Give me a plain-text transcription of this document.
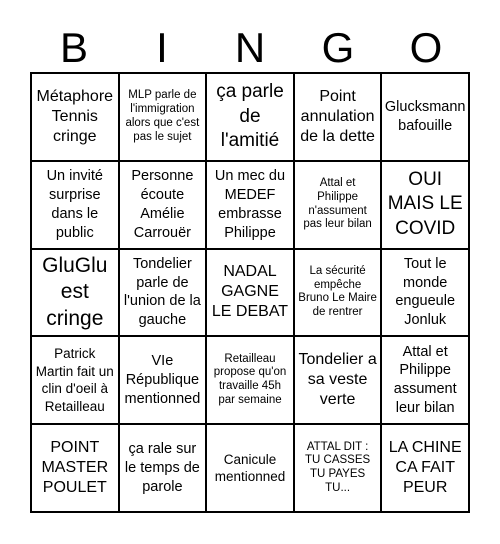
B	I	N	G	O
Métaphore Tennis cringe
MLP parle de l'immigration alors que c'est pas le sujet
ça parle de l'amitié
Point annulation de la dette
Glucksmann bafouille
Un invité surprise dans le public
Personne écoute Amélie Carrouër
Un mec du MEDEF embrasse Philippe
Attal et Philippe n'assument pas leur bilan
OUI MAIS LE COVID
GluGlu est cringe
Tondelier parle de l'union de la gauche
NADAL GAGNE LE DEBAT
La sécurité empêche Bruno Le Maire de rentrer
Tout le monde engueule Jonluk
Patrick Martin fait un clin d'oeil à Retailleau
VIe République mentionned
Retailleau propose qu'on travaille 45h par semaine
Tondelier a sa veste verte
Attal et Philippe assument leur bilan
POINT MASTER POULET
ça rale sur le temps de parole
Canicule mentionned
ATTAL DIT : TU CASSES TU PAYES TU...
LA CHINE CA FAIT PEUR
